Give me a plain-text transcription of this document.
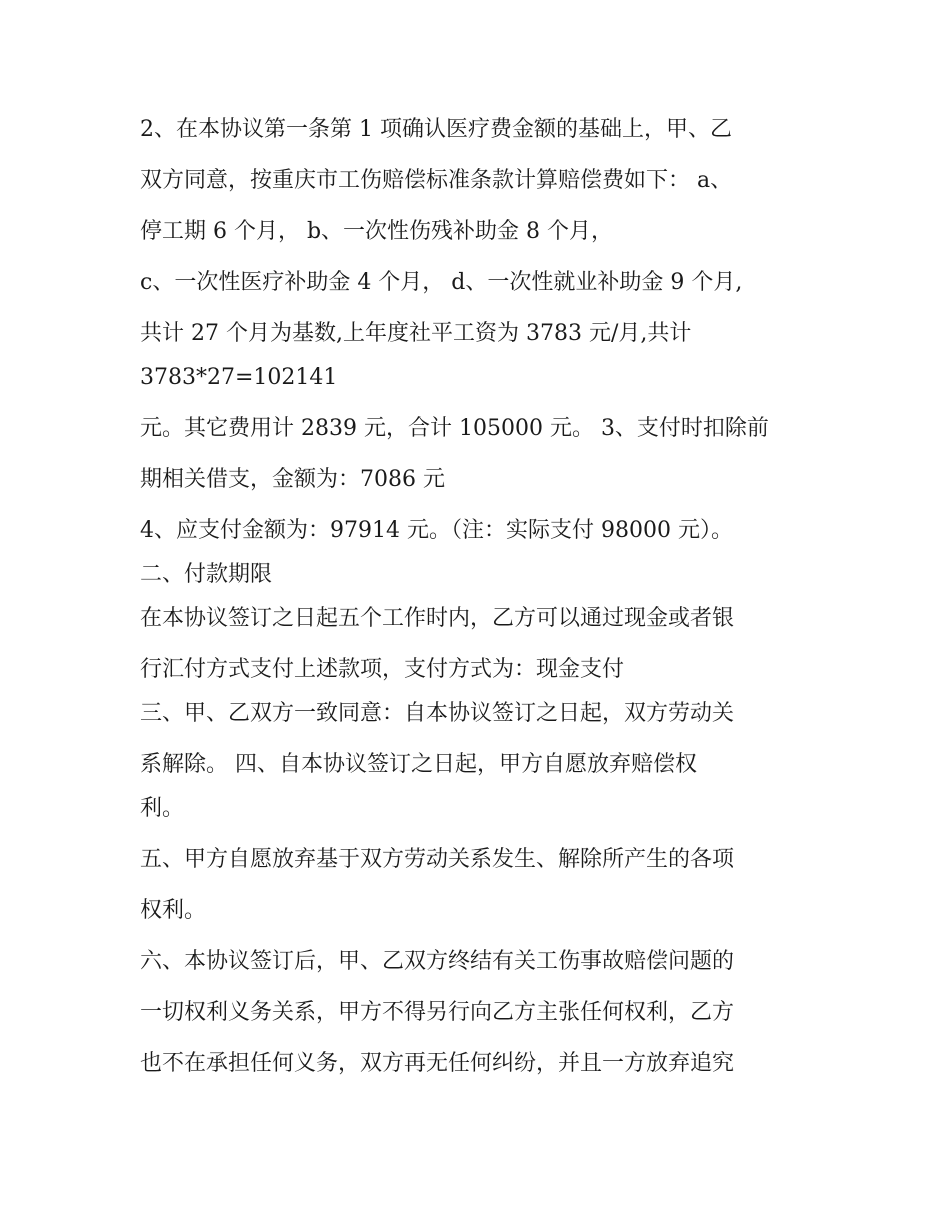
2、在本协议第一条第 1 项确认医疗费金额的基础上，甲、乙
双方同意，按重庆市工伤赔偿标准条款计算赔偿费如下： a、
停工期 6 个月， b、一次性伤残补助金 8 个月，
c、一次性医疗补助金 4 个月， d、一次性就业补助金 9 个月,
共计 27 个月为基数,上年度社平工资为 3783 元/月,共计
3783*27=102141
元。其它费用计 2839 元，合计 105000 元。 3、支付时扣除前
期相关借支，金额为：7086 元
4、应支付金额为：97914 元。（注：实际支付 98000 元）。
二、付款期限
在本协议签订之日起五个工作时内，乙方可以通过现金或者银
行汇付方式支付上述款项，支付方式为：现金支付
三、甲、乙双方一致同意：自本协议签订之日起，双方劳动关
系解除。 四、自本协议签订之日起，甲方自愿放弃赔偿权
利。
五、甲方自愿放弃基于双方劳动关系发生、解除所产生的各项
权利。
六、本协议签订后，甲、乙双方终结有关工伤事故赔偿问题的
一切权利义务关系，甲方不得另行向乙方主张任何权利，乙方
也不在承担任何义务，双方再无任何纠纷，并且一方放弃追究
